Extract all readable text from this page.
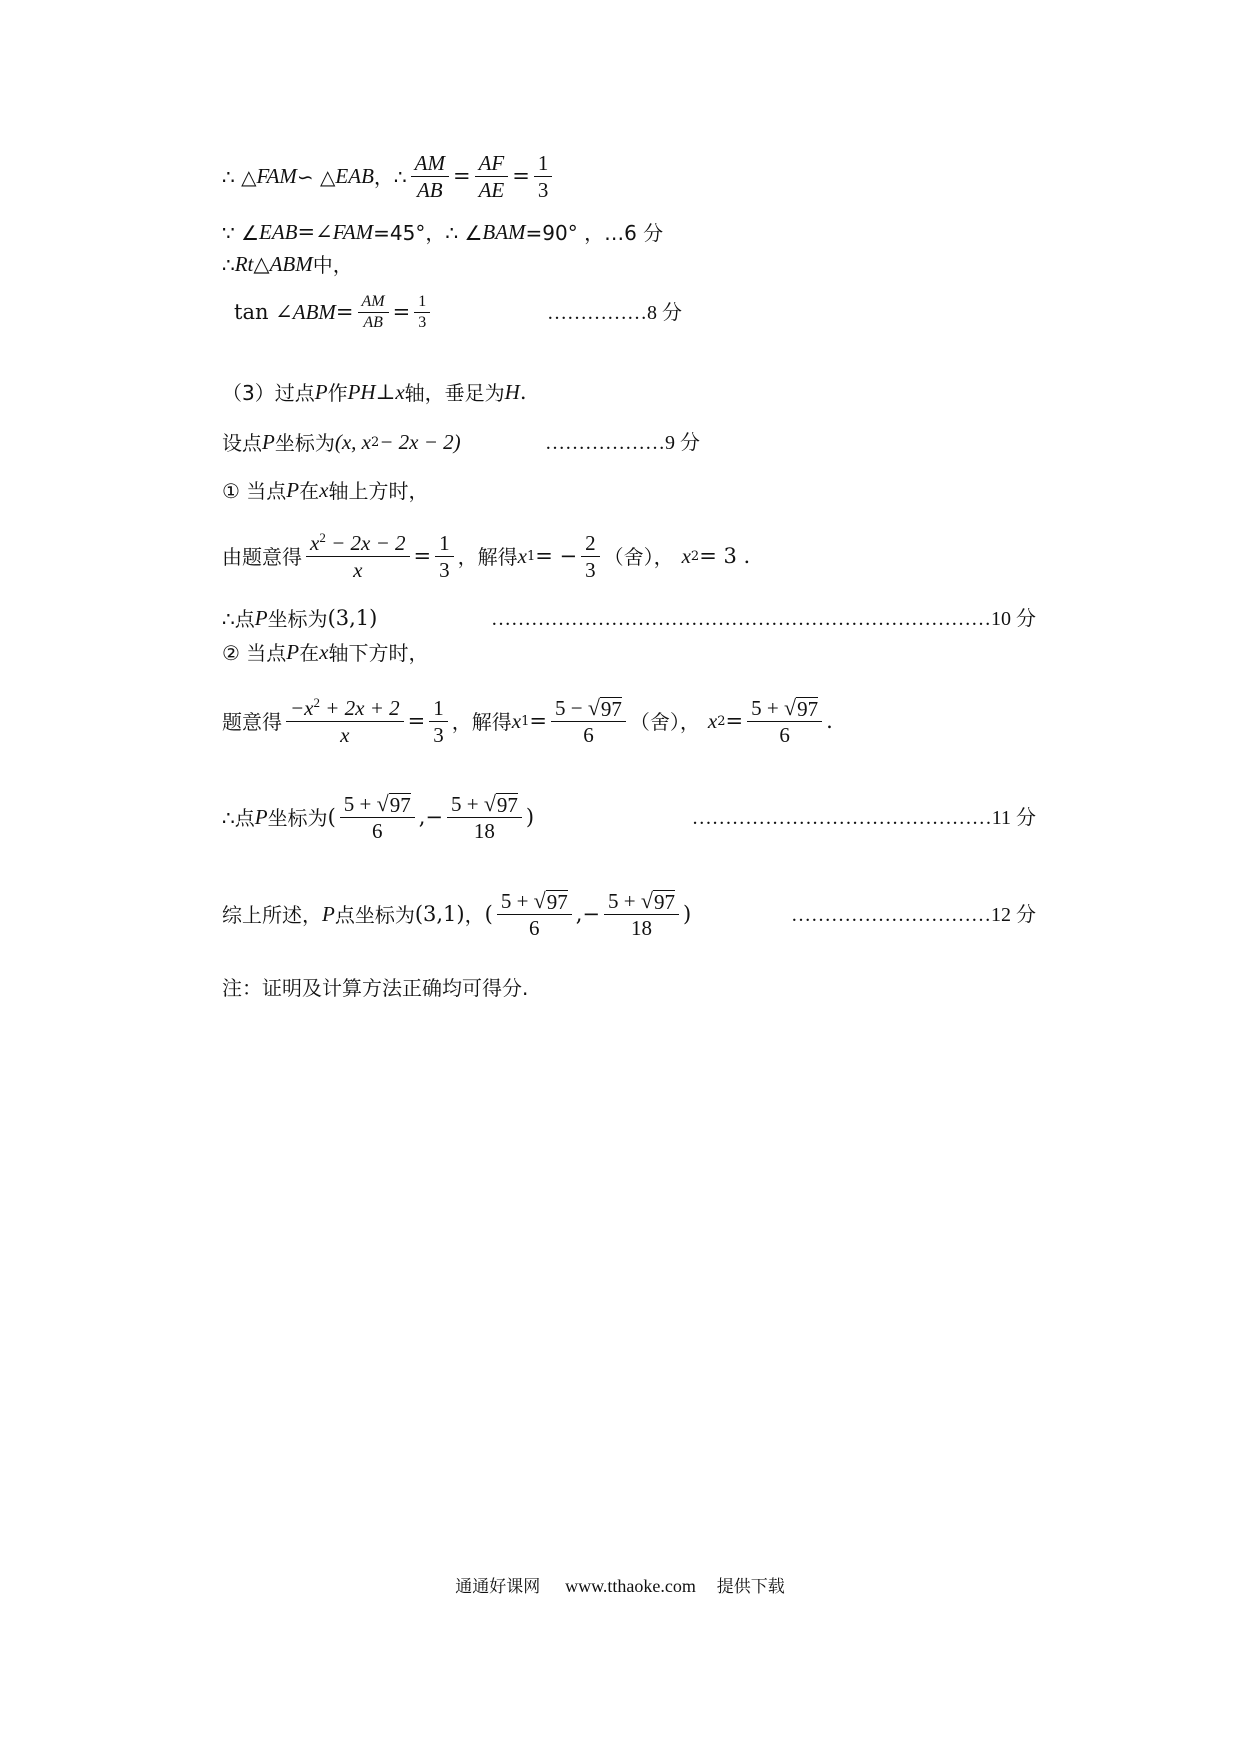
∴ △ FAM ∽ △ EAB ，∴ $\frac{AM}{AB} = \frac{AF}{AE} = \frac{1}{3}$
∵ ∠ EAB =∠ FAM =45°，∴ ∠ BAM =90° ，…6 分
∴ Rt △ ABM 中，
tan ∠ ABM = $\frac{AM}{AB} = \frac{1}{3}$	……………8 分
（3）过点 P 作 PH ⊥ x 轴，垂足为 H .
设点 P 坐标为 (x, x 2 − 2x − 2)	………………9 分
① 当点 P 在 x 轴上方时，
由题意得 $\frac{x^2 - 2x - 2}{x} = \frac{1}{3}$ ，解得 x 1 = − $\frac{2}{3}$ （舍）， x 2 = 3 .
∴点 P 坐标为 (3,1)	…………………………………………………………………10 分
② 当点 P 在 x 轴下方时，
题意得 $\frac{-x^2 + 2x + 2}{x} = \frac{1}{3}$ ，解得 x $1 = \frac{5 - √ 97}{6}$ （舍）， x $2 = \frac{5 + √ 97}{6}$ .
∴点 P 坐标为 ( $\frac{5 + √ 97}{6}$ ,− $\frac{5 + √ 97}{18}$ )	………………………………………11 分
综上所述， P 点坐标为 (3,1) ， ( $\frac{5 + √ 97}{6}$ ,− $\frac{5 + √ 97}{18}$ )	…………………………12 分
注：证明及计算方法正确均可得分.
通通好课网 www.tthaoke.com 提供下载
